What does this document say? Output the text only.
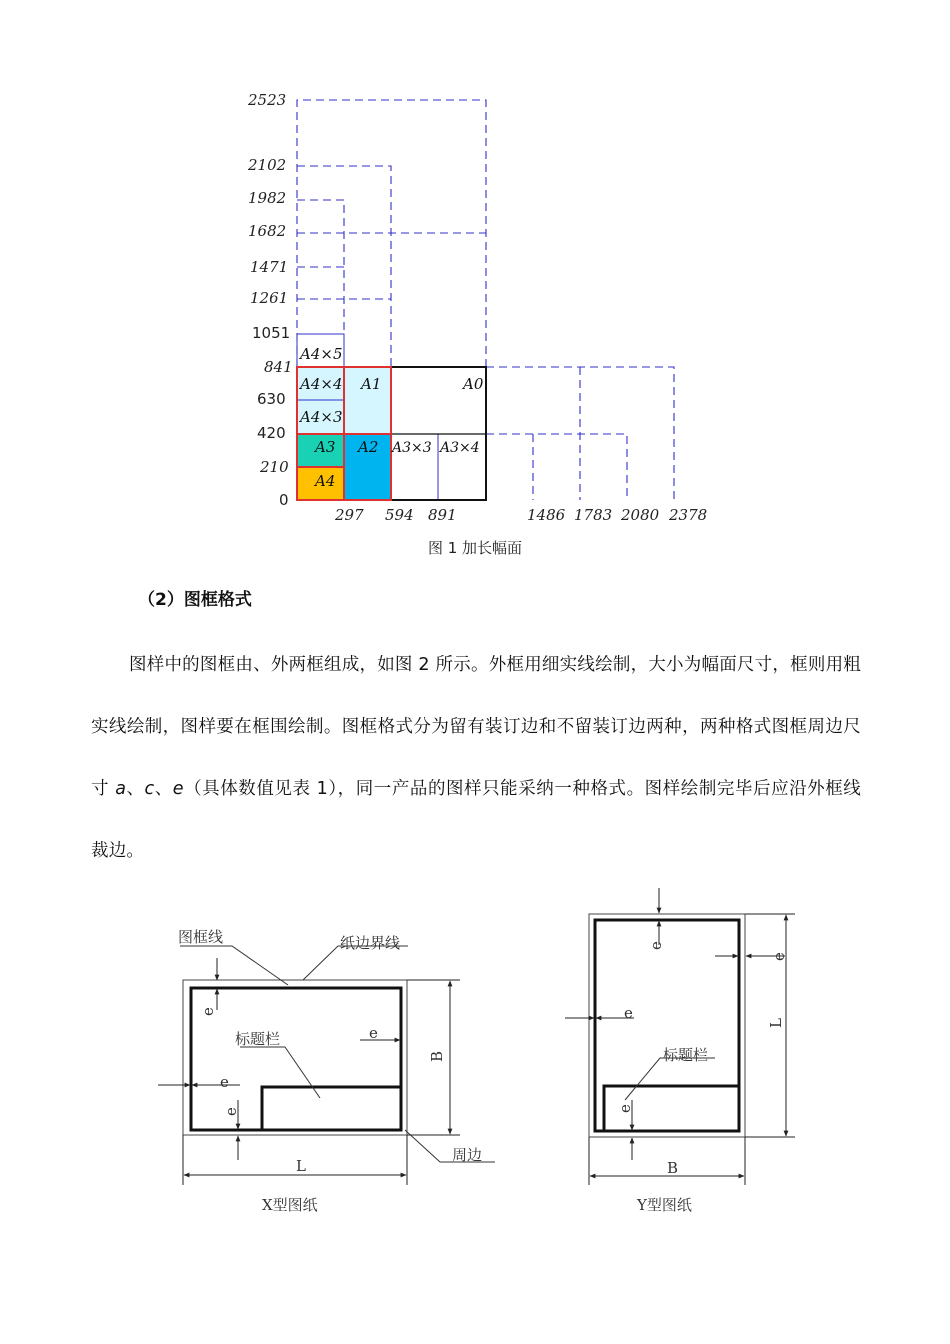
2523
2102
1982
1682
1471
1261
1051
841
630
420
210
0
297 594 891	1486 1783 2080 2378
A4×5
A4×4
A4×3
A1	A0
A3 A2 A3×3 A3×4
A4
图 1 加长幅面
（2）图框格式
图样中的图框由、外两框组成，如图 2 所示。外框用细实线绘制，大小为幅面尺寸，框则用粗实线绘制，图样要在框围绘制。图框格式分为留有装订边和不留装订边两种，两种格式图框周边尺寸 a、c、e（具体数值见表 1），同一产品的图样只能采纳一种格式。图样绘制完毕后应沿外框线裁边。
图框线	纸边界线
标题栏
周边
e
e
e
e
B
L
X型图纸
标题栏
e
e
e
e
L
B
Y型图纸
